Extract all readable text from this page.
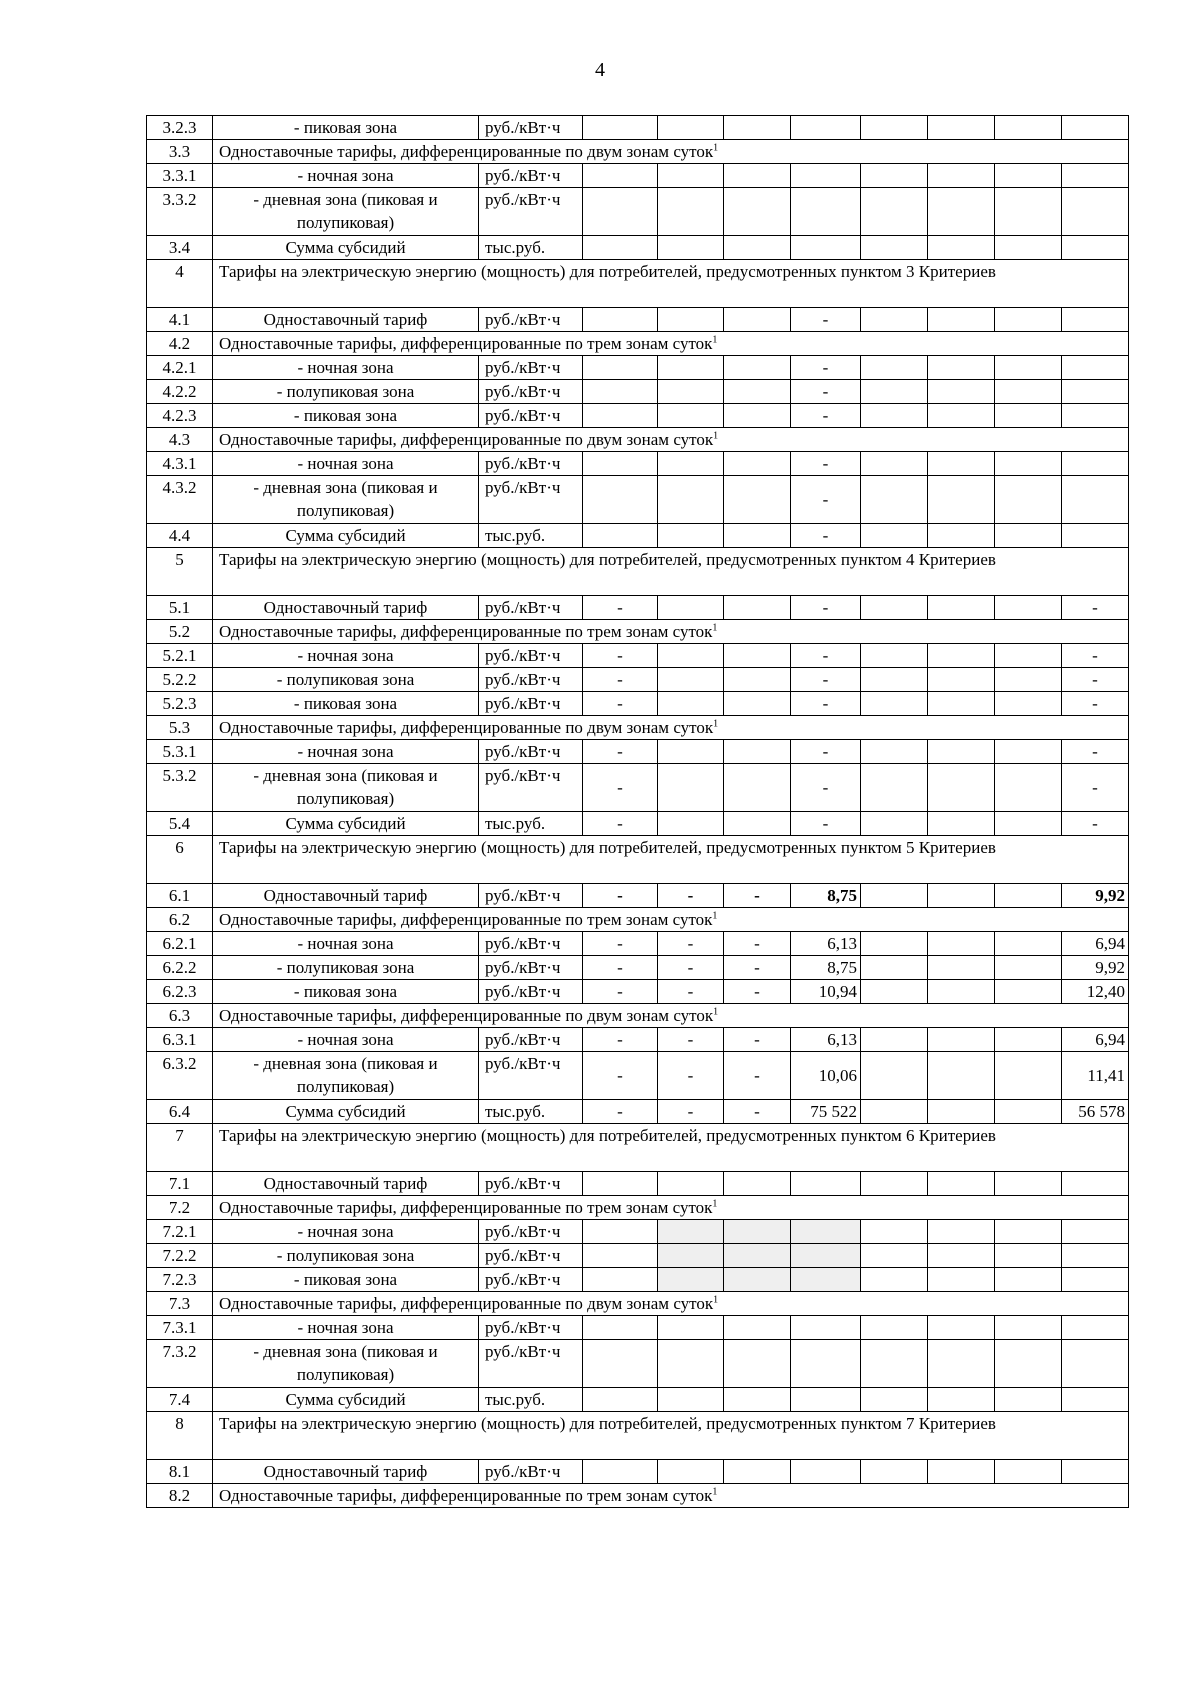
4
3.2.3	- пиковая зона	руб./кВт·ч								
3.3	Одноставочные тарифы, дифференцированные по двум зонам суток$^1$
3.3.1	- ночная зона	руб./кВт·ч								
3.3.2	- дневная зона (пиковая и полупиковая)	руб./кВт·ч								
3.4	Сумма субсидий	тыс.руб.								
4	Тарифы на электрическую энергию (мощность) для потребителей, предусмотренных пунктом 3 Критериев									
4.1	Одноставочный тариф	руб./кВт·ч				-				
4.2	Одноставочные тарифы, дифференцированные по трем зонам суток$^1$
4.2.1	- ночная зона	руб./кВт·ч				-				
4.2.2	- полупиковая зона	руб./кВт·ч				-				
4.2.3	- пиковая зона	руб./кВт·ч				-				
4.3	Одноставочные тарифы, дифференцированные по двум зонам суток$^1$
4.3.1	- ночная зона	руб./кВт·ч				-				
4.3.2	- дневная зона (пиковая и полупиковая)	руб./кВт·ч				-				
4.4	Сумма субсидий	тыс.руб.				-				
5	Тарифы на электрическую энергию (мощность) для потребителей, предусмотренных пунктом 4 Критериев									
5.1	Одноставочный тариф	руб./кВт·ч	-			-				-
5.2	Одноставочные тарифы, дифференцированные по трем зонам суток$^1$
5.2.1	- ночная зона	руб./кВт·ч	-			-				-
5.2.2	- полупиковая зона	руб./кВт·ч	-			-				-
5.2.3	- пиковая зона	руб./кВт·ч	-			-				-
5.3	Одноставочные тарифы, дифференцированные по двум зонам суток$^1$
5.3.1	- ночная зона	руб./кВт·ч	-			-				-
5.3.2	- дневная зона (пиковая и полупиковая)	руб./кВт·ч	-			-				-
5.4	Сумма субсидий	тыс.руб.	-			-				-
6	Тарифы на электрическую энергию (мощность) для потребителей, предусмотренных пунктом 5 Критериев									
6.1	Одноставочный тариф	руб./кВт·ч	-	-	-	8,75				9,92
6.2	Одноставочные тарифы, дифференцированные по трем зонам суток$^1$
6.2.1	- ночная зона	руб./кВт·ч	-	-	-	6,13				6,94
6.2.2	- полупиковая зона	руб./кВт·ч	-	-	-	8,75				9,92
6.2.3	- пиковая зона	руб./кВт·ч	-	-	-	10,94				12,40
6.3	Одноставочные тарифы, дифференцированные по двум зонам суток$^1$
6.3.1	- ночная зона	руб./кВт·ч	-	-	-	6,13				6,94
6.3.2	- дневная зона (пиковая и полупиковая)	руб./кВт·ч	-	-	-	10,06				11,41
6.4	Сумма субсидий	тыс.руб.	-	-	-	75 522				56 578
7	Тарифы на электрическую энергию (мощность) для потребителей, предусмотренных пунктом 6 Критериев									
7.1	Одноставочный тариф	руб./кВт·ч								
7.2	Одноставочные тарифы, дифференцированные по трем зонам суток$^1$
7.2.1	- ночная зона	руб./кВт·ч								
7.2.2	- полупиковая зона	руб./кВт·ч								
7.2.3	- пиковая зона	руб./кВт·ч								
7.3	Одноставочные тарифы, дифференцированные по двум зонам суток$^1$
7.3.1	- ночная зона	руб./кВт·ч								
7.3.2	- дневная зона (пиковая и полупиковая)	руб./кВт·ч								
7.4	Сумма субсидий	тыс.руб.								
8	Тарифы на электрическую энергию (мощность) для потребителей, предусмотренных пунктом 7 Критериев									
8.1	Одноставочный тариф	руб./кВт·ч								
8.2	Одноставочные тарифы, дифференцированные по трем зонам суток$^1$
